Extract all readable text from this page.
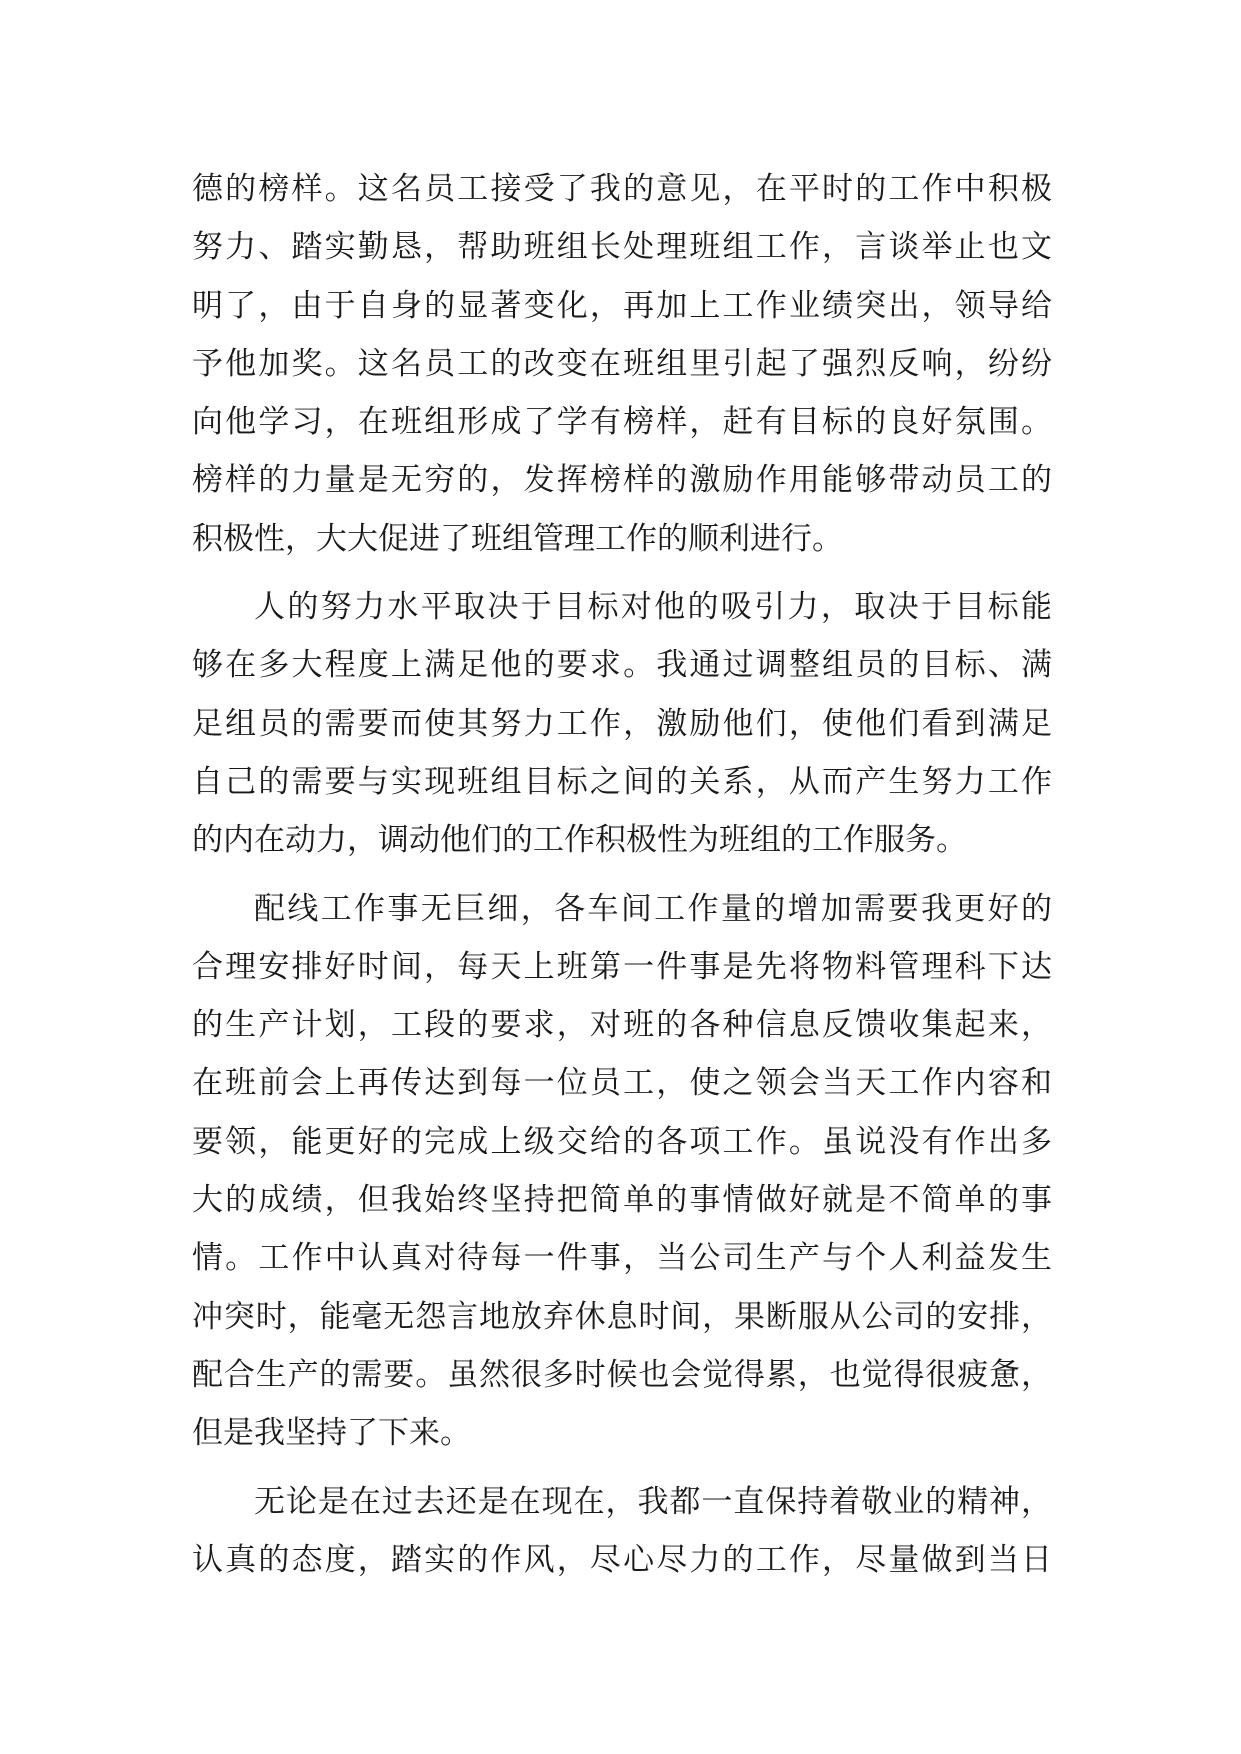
德的榜样。这名员工接受了我的意见，在平时的工作中积极
努力、踏实勤恳，帮助班组长处理班组工作，言谈举止也文
明了，由于自身的显著变化，再加上工作业绩突出，领导给
予他加奖。这名员工的改变在班组里引起了强烈反响，纷纷
向他学习，在班组形成了学有榜样，赶有目标的良好氛围。
榜样的力量是无穷的，发挥榜样的激励作用能够带动员工的
积极性，大大促进了班组管理工作的顺利进行。
人的努力水平取决于目标对他的吸引力，取决于目标能
够在多大程度上满足他的要求。我通过调整组员的目标、满
足组员的需要而使其努力工作，激励他们，使他们看到满足
自己的需要与实现班组目标之间的关系，从而产生努力工作
的内在动力，调动他们的工作积极性为班组的工作服务。
配线工作事无巨细，各车间工作量的增加需要我更好的
合理安排好时间，每天上班第一件事是先将物料管理科下达
的生产计划，工段的要求，对班的各种信息反馈收集起来，
在班前会上再传达到每一位员工，使之领会当天工作内容和
要领，能更好的完成上级交给的各项工作。虽说没有作出多
大的成绩，但我始终坚持把简单的事情做好就是不简单的事
情。工作中认真对待每一件事，当公司生产与个人利益发生
冲突时，能毫无怨言地放弃休息时间，果断服从公司的安排，
配合生产的需要。虽然很多时候也会觉得累，也觉得很疲惫，
但是我坚持了下来。
无论是在过去还是在现在，我都一直保持着敬业的精神，
认真的态度，踏实的作风，尽心尽力的工作，尽量做到当日
